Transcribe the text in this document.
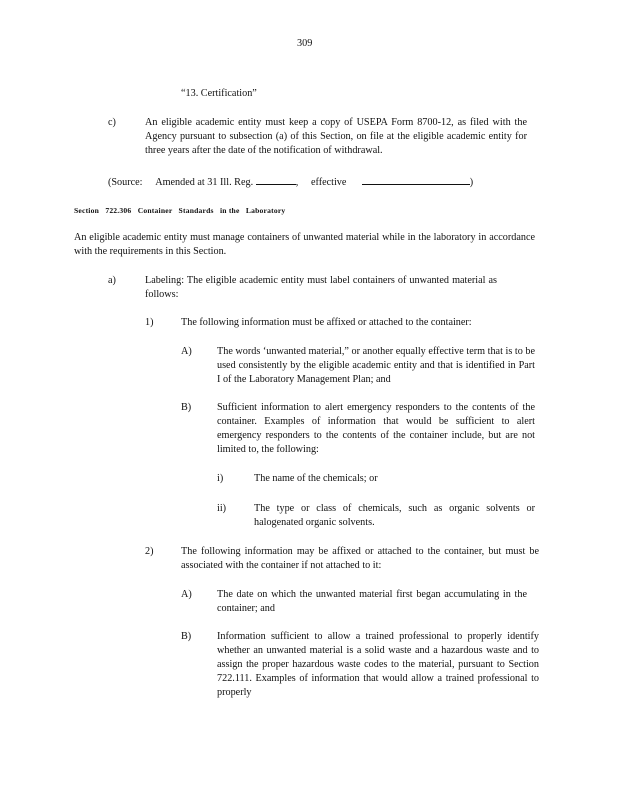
309
“13. Certification”
c)	An eligible academic entity must keep a copy of USEPA Form 8700-12, as filed with the Agency pursuant to subsection (a) of this Section, on file at the eligible academic entity for three years after the date of the notification of withdrawal.
(Source: Amended at 31 Ill. Reg.	, effective	)
Section   722.306   Container   Standards   in the   Laboratory
An eligible academic entity must manage containers of unwanted material while in the laboratory in accordance with the requirements in this Section.
a)	Labeling: The eligible academic entity must label containers of unwanted material as follows:
1)	The following information must be affixed or attached to the container:
A) The words ‘unwanted material,” or another equally effective term that is to be used consistently by the eligible academic entity and that is identified in Part I of the Laboratory Management Plan; and
B)	Sufficient information to alert emergency responders to the contents of the container. Examples of information that would be sufficient to alert emergency responders to the contents of the container include, but are not limited to, the following:
i)	The name of the chemicals; or
ii)	The type or class of chemicals, such as organic solvents or halogenated organic solvents.
2)	The following information may be affixed or attached to the container, but must be associated with the container if not attached to it:
A) The date on which the unwanted material first began accumulating in the container; and
B)	Information sufficient to allow a trained professional to properly identify whether an unwanted material is a solid waste and a hazardous waste and to assign the proper hazardous waste codes to the material, pursuant to Section 722.111. Examples of information that would allow a trained professional to properly
